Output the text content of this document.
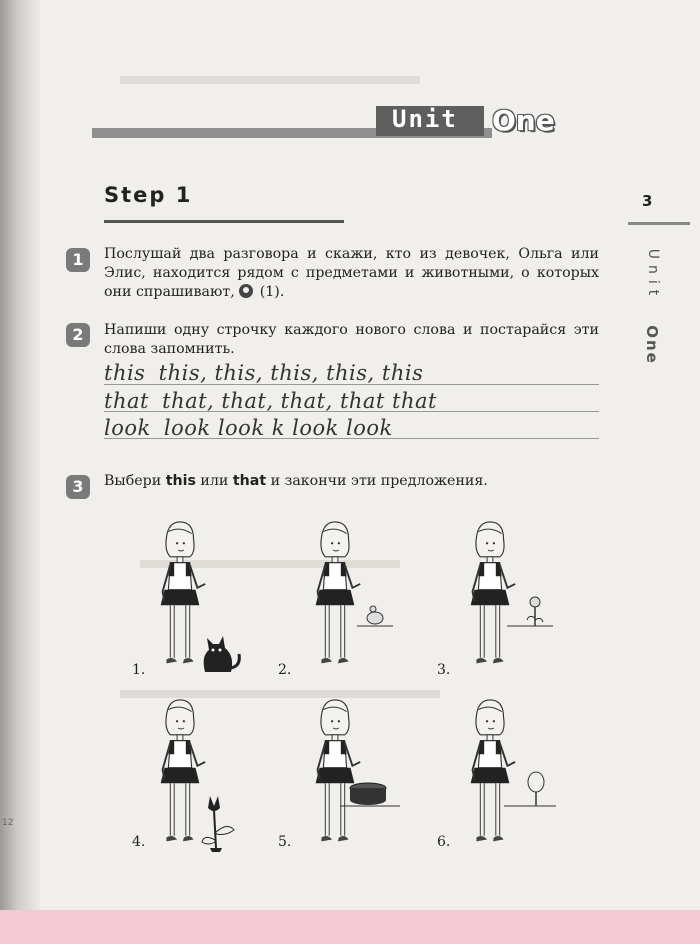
Unit One
Step 1	3
Unit
One
1	Послушай два разговора и скажи, кто из девочек, Ольга или Элис, находится рядом с предметами и животными, о которых они спрашивают, (1).
2	Напиши одну строчку каждого нового слова и постарайся эти слова запомнить.
this this, this, this, this, this
that that, that, that, that that
look look look k look look
3	Выбери this или that и закончи эти предложения.
1.	2.	3.
4.	5.	6.
12
